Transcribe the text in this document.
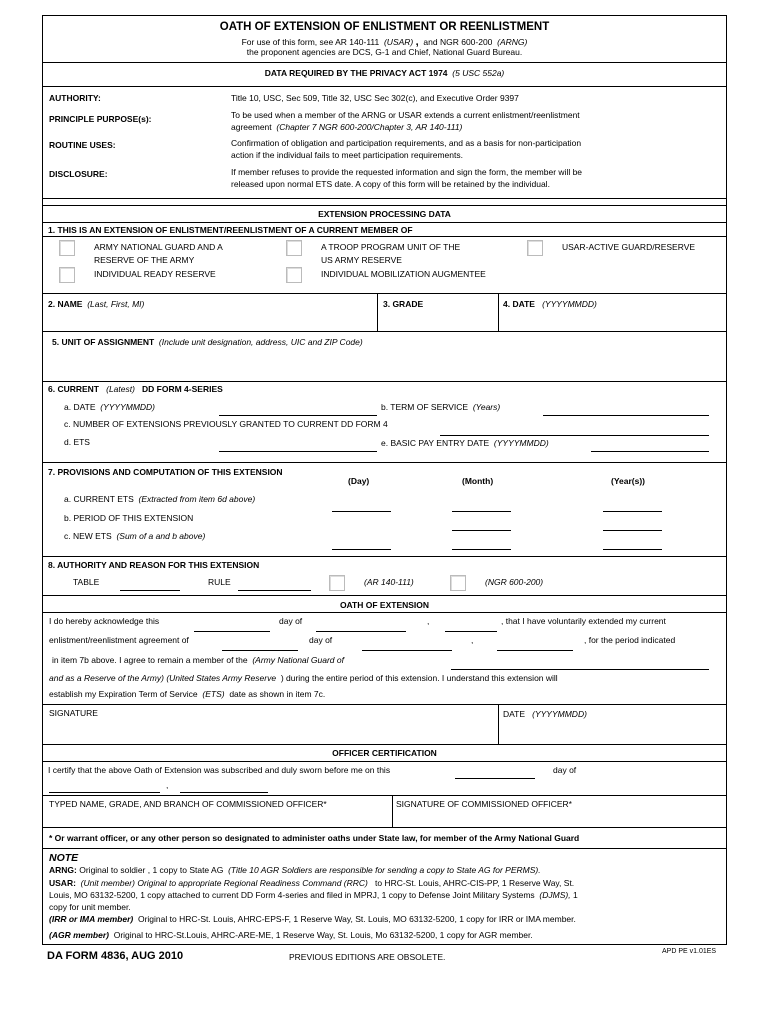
OATH OF EXTENSION OF ENLISTMENT OR REENLISTMENT
For use of this form, see AR 140-111 (USAR) , and NGR 600-200 (ARNG)
the proponent agencies are DCS, G-1 and Chief, National Guard Bureau.
DATA REQUIRED BY THE PRIVACY ACT 1974 (5 USC 552a)
AUTHORITY:	Title 10, USC, Sec 509, Title 32, USC Sec 302(c), and Executive Order 9397
PRINCIPLE PURPOSE(s):	To be used when a member of the ARNG or USAR extends a current enlistment/reenlistment
agreement (Chapter 7 NGR 600-200/Chapter 3, AR 140-111)
ROUTINE USES:	Confirmation of obligation and participation requirements, and as a basis for non-participation
action if the individual fails to meet participation requirements.
DISCLOSURE:	If member refuses to provide the requested information and sign the form, the member will be
released upon normal ETS date. A copy of this form will be retained by the individual.
EXTENSION PROCESSING DATA
1. THIS IS AN EXTENSION OF ENLISTMENT/REENLISTMENT OF A CURRENT MEMBER OF
ARMY NATIONAL GUARD AND A
RESERVE OF THE ARMY
A TROOP PROGRAM UNIT OF THE
US ARMY RESERVE
USAR-ACTIVE GUARD/RESERVE
INDIVIDUAL READY RESERVE	INDIVIDUAL MOBILIZATION AUGMENTEE
2. NAME (Last, First, MI)	3. GRADE	4. DATE (YYYYMMDD)
5. UNIT OF ASSIGNMENT (Include unit designation, address, UIC and ZIP Code)
6. CURRENT (Latest) DD FORM 4-SERIES
a. DATE (YYYYMMDD)	b. TERM OF SERVICE (Years)
c. NUMBER OF EXTENSIONS PREVIOUSLY GRANTED TO CURRENT DD FORM 4
d. ETS	e. BASIC PAY ENTRY DATE (YYYYMMDD)
7. PROVISIONS AND COMPUTATION OF THIS EXTENSION
(Day)	(Month)	(Year(s))
a. CURRENT ETS (Extracted from item 6d above)
b. PERIOD OF THIS EXTENSION
c. NEW ETS (Sum of a and b above)
8. AUTHORITY AND REASON FOR THIS EXTENSION
TABLE	RULE	(AR 140-111)	(NGR 600-200)
OATH OF EXTENSION
I do hereby acknowledge this	day of	,	, that I have voluntarily extended my current
enlistment/reenlistment agreement of	day of	,	, for the period indicated
in item 7b above. I agree to remain a member of the (Army National Guard of
and as a Reserve of the Army) (United States Army Reserve ) during the entire period of this extension. I understand this extension will
establish my Expiration Term of Service (ETS) date as shown in item 7c.
SIGNATURE	DATE (YYYYMMDD)
OFFICER CERTIFICATION
I certify that the above Oath of Extension was subscribed and duly sworn before me on this	day of
,
TYPED NAME, GRADE, AND BRANCH OF COMMISSIONED OFFICER*	SIGNATURE OF COMMISSIONED OFFICER*
* Or warrant officer, or any other person so designated to administer oaths under State law, for member of the Army National Guard
NOTE
ARNG: Original to soldier , 1 copy to State AG (Title 10 AGR Soldiers are responsible for sending a copy to State AG for PERMS).
USAR: (Unit member) Original to appropriate Regional Readiness Command (RRC) to HRC-St. Louis, AHRC-CIS-PP, 1 Reserve Way, St.
Louis, MO 63132-5200, 1 copy attached to current DD Form 4-series and filed in MPRJ, 1 copy to Defense Joint Military Systems (DJMS), 1
copy for unit member.
(IRR or IMA member) Original to HRC-St. Louis, AHRC-EPS-F, 1 Reserve Way, St. Louis, MO 63132-5200, 1 copy for IRR or IMA member.
(AGR member) Original to HRC-St.Louis, AHRC-ARE-ME, 1 Reserve Way, St. Louis, Mo 63132-5200, 1 copy for AGR member.
DA FORM 4836, AUG 2010	PREVIOUS EDITIONS ARE OBSOLETE.
APD PE v1.01ES
